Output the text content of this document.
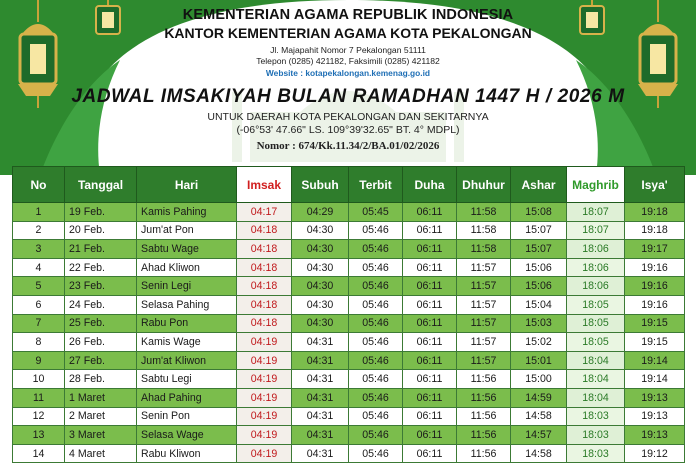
KEMENTERIAN AGAMA REPUBLIK INDONESIA
KANTOR KEMENTERIAN AGAMA KOTA PEKALONGAN
Jl. Majapahit Nomor 7 Pekalongan 51111
Telepon (0285) 421182, Faksimili (0285) 421182
Website : kotapekalongan.kemenag.go.id
JADWAL IMSAKIYAH BULAN RAMADHAN 1447 H / 2026 M
UNTUK DAERAH KOTA PEKALONGAN DAN SEKITARNYA
(-06°53' 47.66" LS. 109°39'32.65" BT. 4° MDPL)
Nomor : 674/Kk.11.34/2/BA.01/02/2026
No	Tanggal	Hari	Imsak	Subuh	Terbit	Duha	Dhuhur	Ashar	Maghrib	Isya'
1	19 Feb.	Kamis Pahing	04:17	04:29	05:45	06:11	11:58	15:08	18:07	19:18
2	20 Feb.	Jum'at Pon	04:18	04:30	05:46	06:11	11:58	15:07	18:07	19:18
3	21 Feb.	Sabtu Wage	04:18	04:30	05:46	06:11	11:58	15:07	18:06	19:17
4	22 Feb.	Ahad Kliwon	04:18	04:30	05:46	06:11	11:57	15:06	18:06	19:16
5	23 Feb.	Senin Legi	04:18	04:30	05:46	06:11	11:57	15:06	18:06	19:16
6	24 Feb.	Selasa Pahing	04:18	04:30	05:46	06:11	11:57	15:04	18:05	19:16
7	25 Feb.	Rabu Pon	04:18	04:30	05:46	06:11	11:57	15:03	18:05	19:15
8	26 Feb.	Kamis Wage	04:19	04:31	05:46	06:11	11:57	15:02	18:05	19:15
9	27 Feb.	Jum'at Kliwon	04:19	04:31	05:46	06:11	11:57	15:01	18:04	19:14
10	28 Feb.	Sabtu Legi	04:19	04:31	05:46	06:11	11:56	15:00	18:04	19:14
11	1 Maret	Ahad Pahing	04:19	04:31	05:46	06:11	11:56	14:59	18:04	19:13
12	2 Maret	Senin Pon	04:19	04:31	05:46	06:11	11:56	14:58	18:03	19:13
13	3 Maret	Selasa Wage	04:19	04:31	05:46	06:11	11:56	14:57	18:03	19:13
14	4 Maret	Rabu Kliwon	04:19	04:31	05:46	06:11	11:56	14:58	18:03	19:12
